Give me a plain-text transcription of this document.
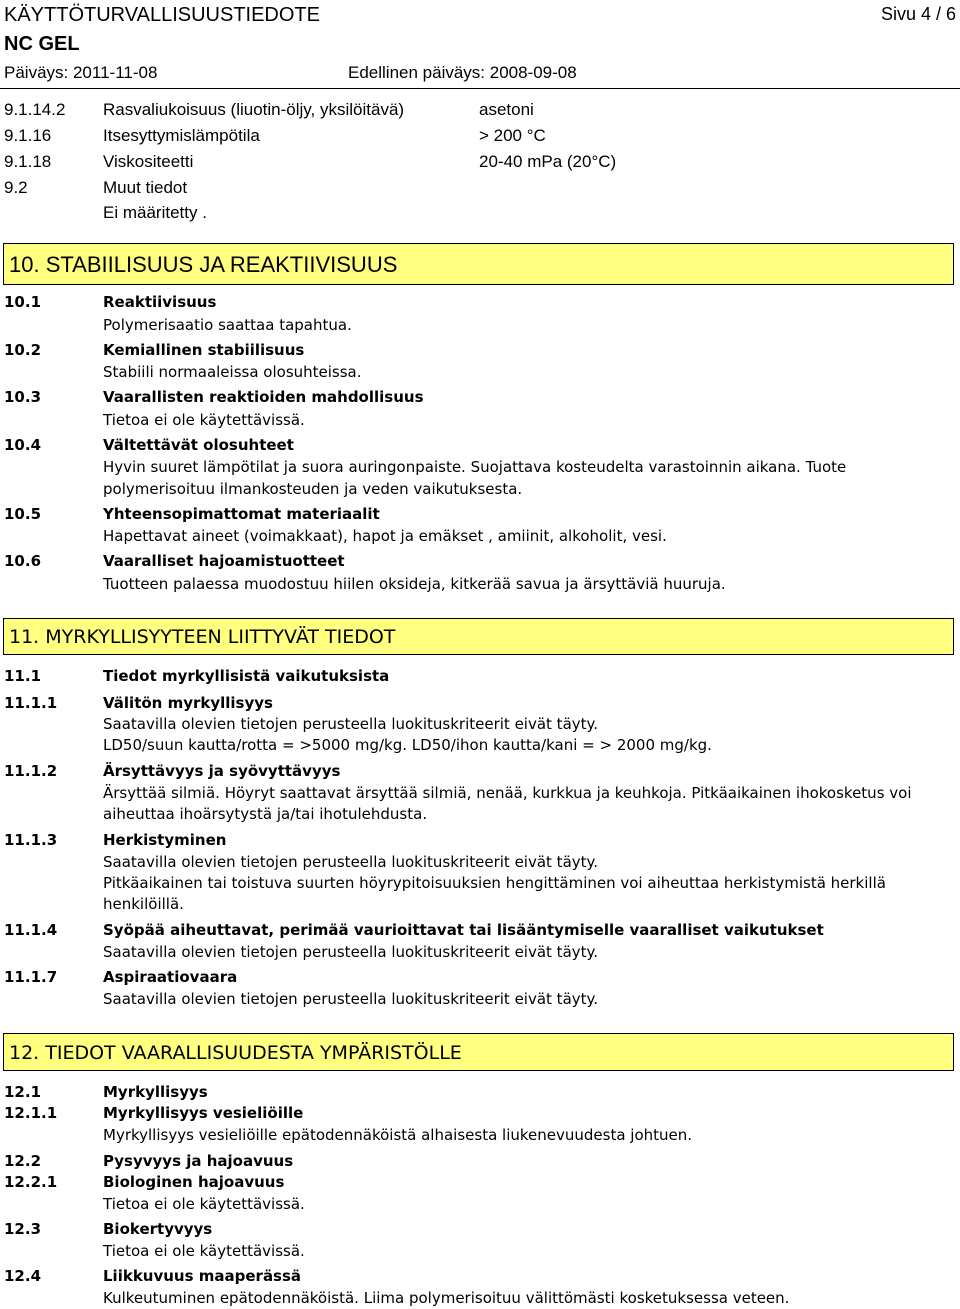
KÄYTTÖTURVALLISUUSTIEDOTE	Sivu 4 / 6
NC GEL
Päiväys: 2011-11-08	Edellinen päiväys: 2008-09-08
9.1.14.2 Rasvaliukoisuus (liuotin-öljy, yksilöitävä)	asetoni
9.1.16	Itsesyttymislämpötila	> 200 °C
9.1.18	Viskositeetti	20-40 mPa (20°C)
9.2	Muut tiedot
Ei määritetty .
10. STABIILISUUS JA REAKTIIVISUUS
10.1	Reaktiivisuus
Polymerisaatio saattaa tapahtua.
10.2	Kemiallinen stabiilisuus
Stabiili normaaleissa olosuhteissa.
10.3	Vaarallisten reaktioiden mahdollisuus
Tietoa ei ole käytettävissä.
10.4	Vältettävät olosuhteet
Hyvin suuret lämpötilat ja suora auringonpaiste. Suojattava kosteudelta varastoinnin aikana. Tuote
polymerisoituu ilmankosteuden ja veden vaikutuksesta.
10.5	Yhteensopimattomat materiaalit
Hapettavat aineet (voimakkaat), hapot ja emäkset , amiinit, alkoholit, vesi.
10.6	Vaaralliset hajoamistuotteet
Tuotteen palaessa muodostuu hiilen oksideja, kitkerää savua ja ärsyttäviä huuruja.
11. MYRKYLLISYYTEEN LIITTYVÄT TIEDOT
11.1	Tiedot myrkyllisistä vaikutuksista
11.1.1	Välitön myrkyllisyys
Saatavilla olevien tietojen perusteella luokituskriteerit eivät täyty.
LD50/suun kautta/rotta = >5000 mg/kg. LD50/ihon kautta/kani = > 2000 mg/kg.
11.1.2	Ärsyttävyys ja syövyttävyys
Ärsyttää silmiä. Höyryt saattavat ärsyttää silmiä, nenää, kurkkua ja keuhkoja. Pitkäaikainen ihokosketus voi
aiheuttaa ihoärsytystä ja/tai ihotulehdusta.
11.1.3	Herkistyminen
Saatavilla olevien tietojen perusteella luokituskriteerit eivät täyty.
Pitkäaikainen tai toistuva suurten höyrypitoisuuksien hengittäminen voi aiheuttaa herkistymistä herkillä
henkilöillä.
11.1.4	Syöpää aiheuttavat, perimää vaurioittavat tai lisääntymiselle vaaralliset vaikutukset
Saatavilla olevien tietojen perusteella luokituskriteerit eivät täyty.
11.1.7	Aspiraatiovaara
Saatavilla olevien tietojen perusteella luokituskriteerit eivät täyty.
12. TIEDOT VAARALLISUUDESTA YMPÄRISTÖLLE
12.1	Myrkyllisyys
12.1.1	Myrkyllisyys vesieliöille
Myrkyllisyys vesieliöille epätodennäköistä alhaisesta liukenevuudesta johtuen.
12.2	Pysyvyys ja hajoavuus
12.2.1	Biologinen hajoavuus
Tietoa ei ole käytettävissä.
12.3	Biokertyvyys
Tietoa ei ole käytettävissä.
12.4	Liikkuvuus maaperässä
Kulkeutuminen epätodennäköistä. Liima polymerisoituu välittömästi kosketuksessa veteen.
